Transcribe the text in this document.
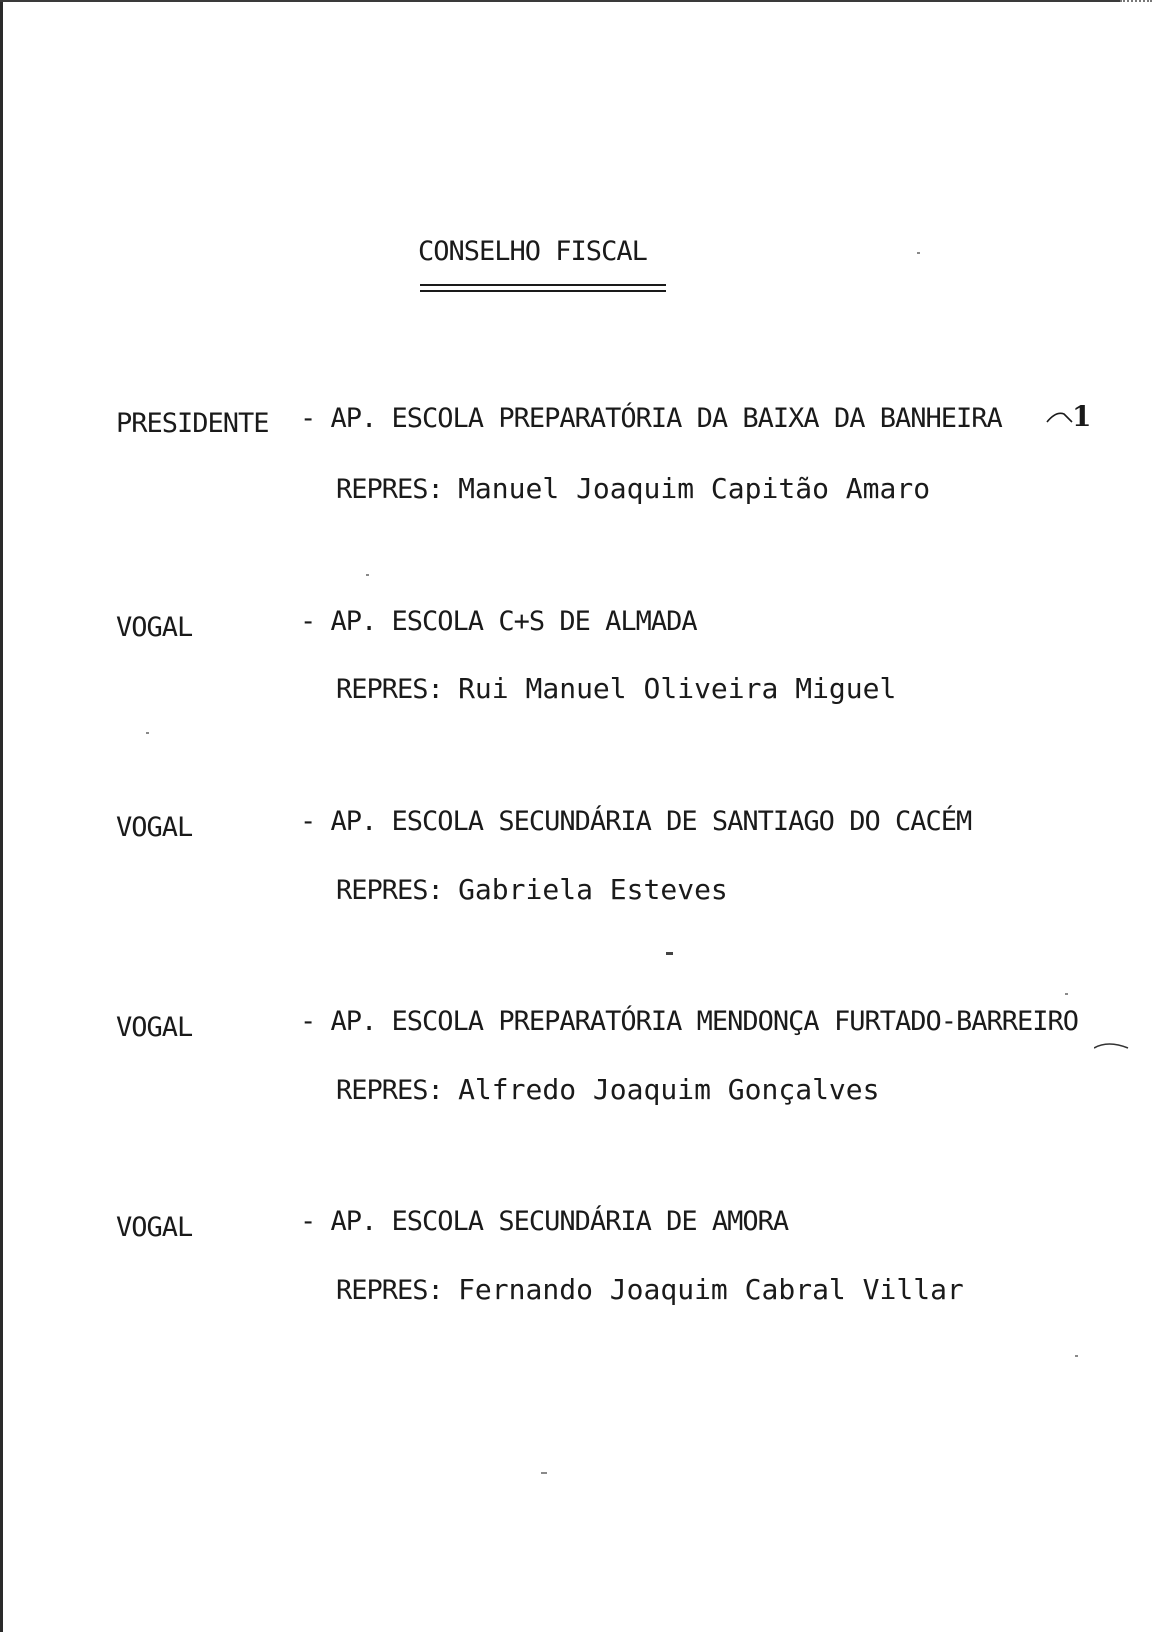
CONSELHO FISCAL
PRESIDENTE - AP. ESCOLA PREPARATÓRIA DA BAIXA DA BANHEIRA
REPRES: Manuel Joaquim Capitão Amaro
1
VOGAL	- AP. ESCOLA C+S DE ALMADA
REPRES: Rui Manuel Oliveira Miguel
VOGAL	- AP. ESCOLA SECUNDÁRIA DE SANTIAGO DO CACÉM
REPRES: Gabriela Esteves
VOGAL	- AP. ESCOLA PREPARATÓRIA MENDONÇA FURTADO-BARREIRO
REPRES: Alfredo Joaquim Gonçalves
VOGAL	- AP. ESCOLA SECUNDÁRIA DE AMORA
REPRES: Fernando Joaquim Cabral Villar
